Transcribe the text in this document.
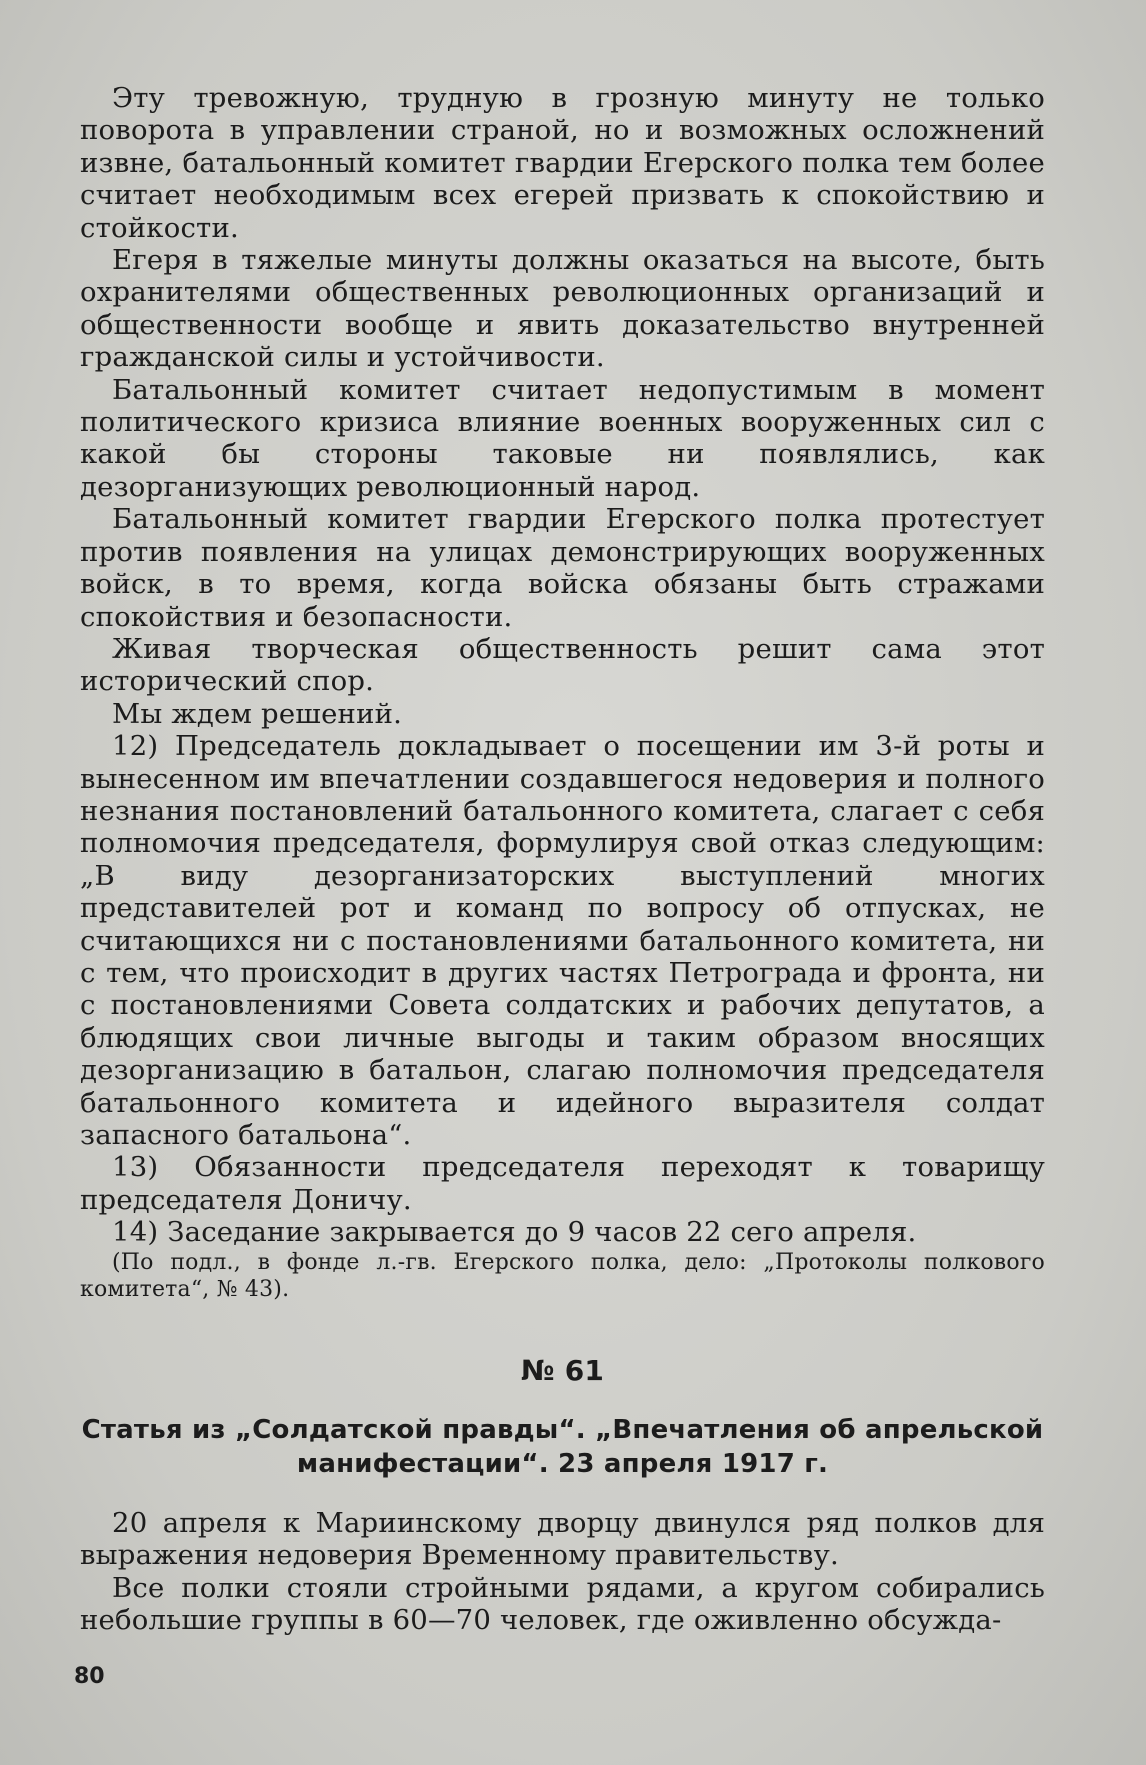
Эту тревожную, трудную в грозную минуту не только поворота в управлении страной, но и возможных осложнений извне, батальонный комитет гвардии Егерского полка тем более считает необходимым всех егерей призвать к спокойствию и стойкости.

Егеря в тяжелые минуты должны оказаться на высоте, быть охранителями общественных революционных организаций и общественности вообще и явить доказательство внутренней гражданской силы и устойчивости.

Батальонный комитет считает недопустимым в момент политического кризиса влияние военных вооруженных сил с какой бы стороны таковые ни появлялись, как дезорганизующих революционный народ.

Батальонный комитет гвардии Егерского полка протестует против появления на улицах демонстрирующих вооруженных войск, в то время, когда войска обязаны быть стражами спокойствия и безопасности.

Живая творческая общественность решит сама этот исторический спор.

Мы ждем решений.

12) Председатель докладывает о посещении им 3-й роты и вынесенном им впечатлении создавшегося недоверия и полного незнания постановлений батальонного комитета, слагает с себя полномочия председателя, формулируя свой отказ следующим: „В виду дезорганизаторских выступлений многих представителей рот и команд по вопросу об отпусках, не считающихся ни с постановлениями батальонного комитета, ни с тем, что происходит в других частях Петрограда и фронта, ни с постановлениями Совета солдатских и рабочих депутатов, а блюдящих свои личные выгоды и таким образом вносящих дезорганизацию в батальон, слагаю полномочия председателя батальонного комитета и идейного выразителя солдат запасного батальона“.

13) Обязанности председателя переходят к товарищу председателя Доничу.

14) Заседание закрывается до 9 часов 22 сего апреля.

(По подл., в фонде л.-гв. Егерского полка, дело: „Протоколы полкового комитета“, № 43).

№ 61
Статья из „Солдатской правды“. „Впечатления об апрельской манифестации“. 23 апреля 1917 г.

20 апреля к Мариинскому дворцу двинулся ряд полков для выражения недоверия Временному правительству.

Все полки стояли стройными рядами, а кругом собирались небольшие группы в 60—70 человек, где оживленно обсужда-

80
